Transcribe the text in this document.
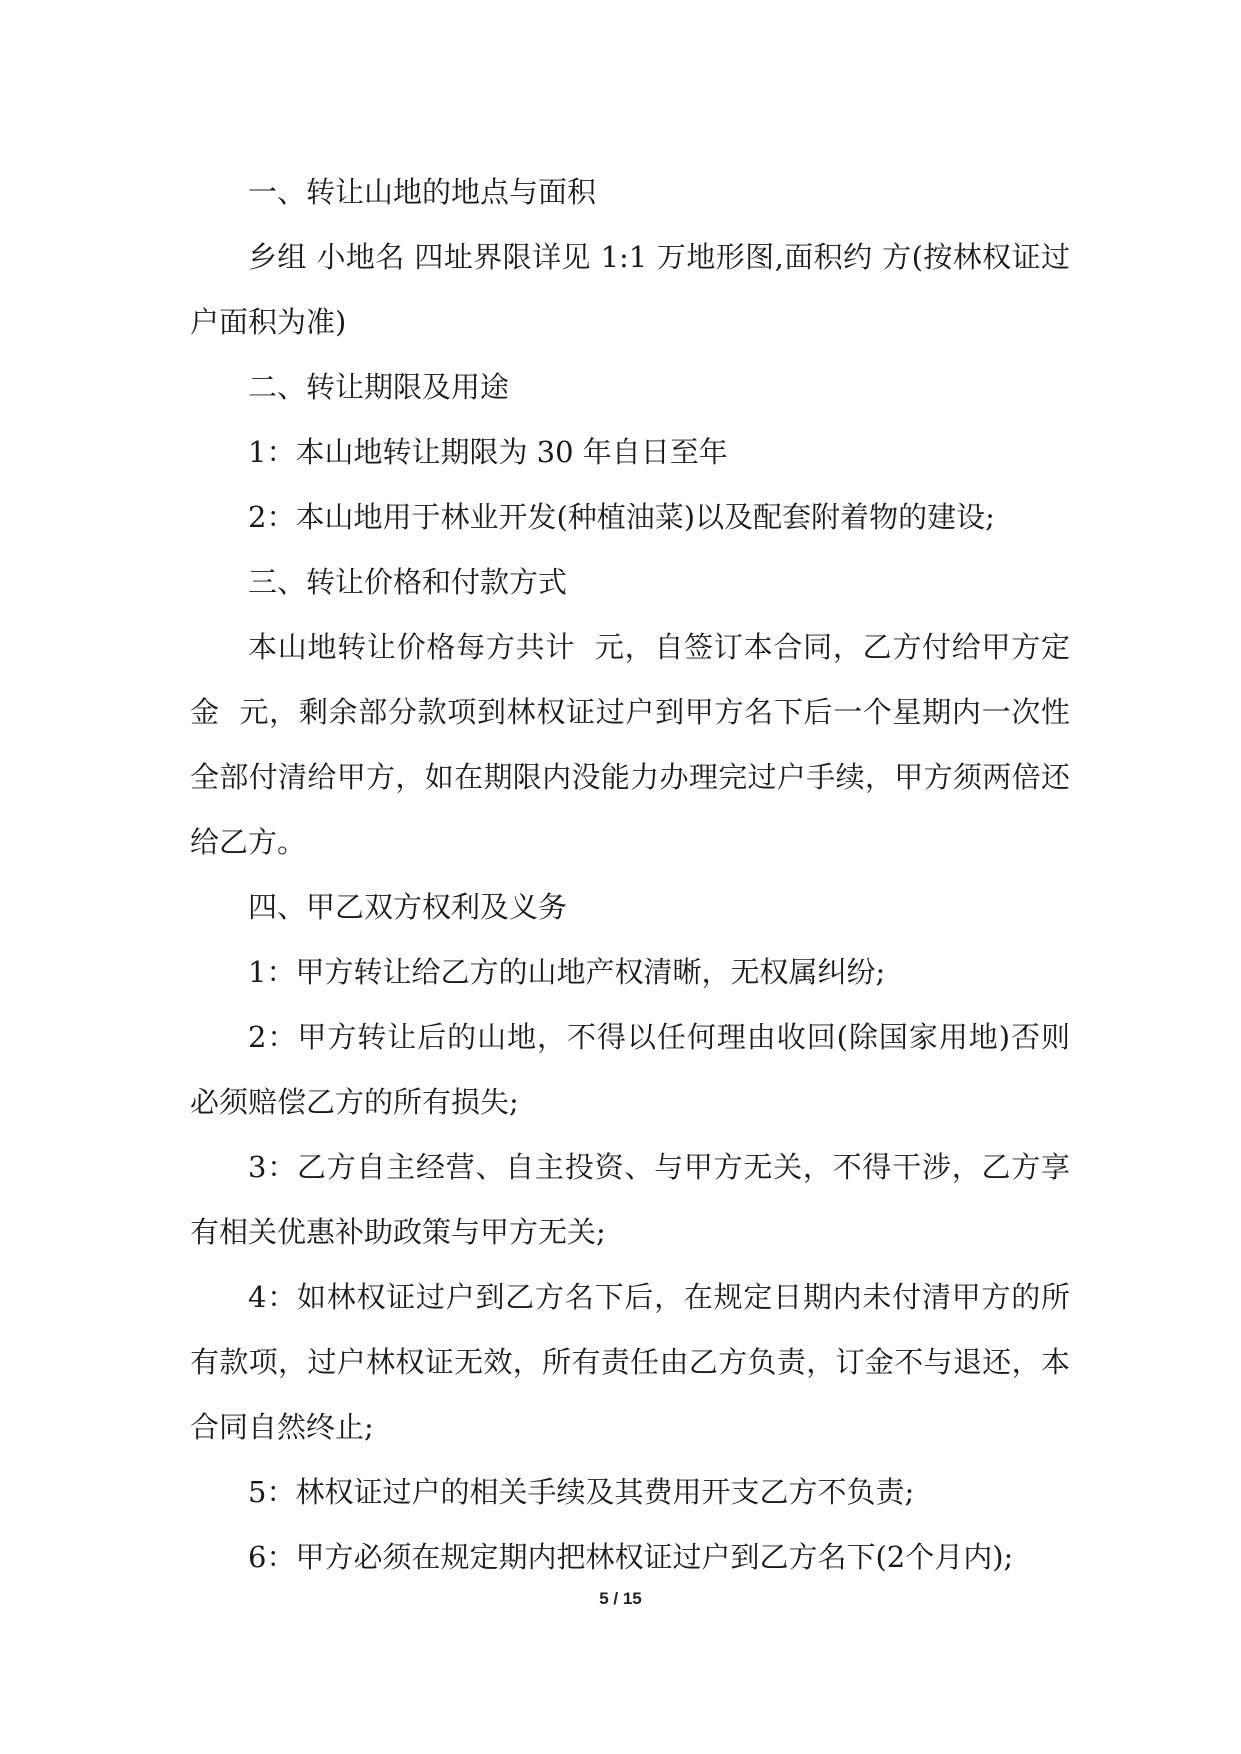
一、转让山地的地点与面积

乡组 小地名 四址界限详见 1:1 万地形图,面积约 方(按林权证过户面积为准)

二、转让期限及用途

1：本山地转让期限为 30 年自日至年

2：本山地用于林业开发(种植油菜)以及配套附着物的建设;

三、转让价格和付款方式

本山地转让价格每方共计  元，自签订本合同，乙方付给甲方定金  元，剩余部分款项到林权证过户到甲方名下后一个星期内一次性全部付清给甲方，如在期限内没能力办理完过户手续，甲方须两倍还给乙方。

四、甲乙双方权利及义务

1：甲方转让给乙方的山地产权清晰，无权属纠纷;

2：甲方转让后的山地，不得以任何理由收回(除国家用地)否则必须赔偿乙方的所有损失;

3：乙方自主经营、自主投资、与甲方无关，不得干涉，乙方享有相关优惠补助政策与甲方无关;

4：如林权证过户到乙方名下后，在规定日期内未付清甲方的所有款项，过户林权证无效，所有责任由乙方负责，订金不与退还，本合同自然终止;

5：林权证过户的相关手续及其费用开支乙方不负责;

6：甲方必须在规定期内把林权证过户到乙方名下(2个月内);

5 / 15
